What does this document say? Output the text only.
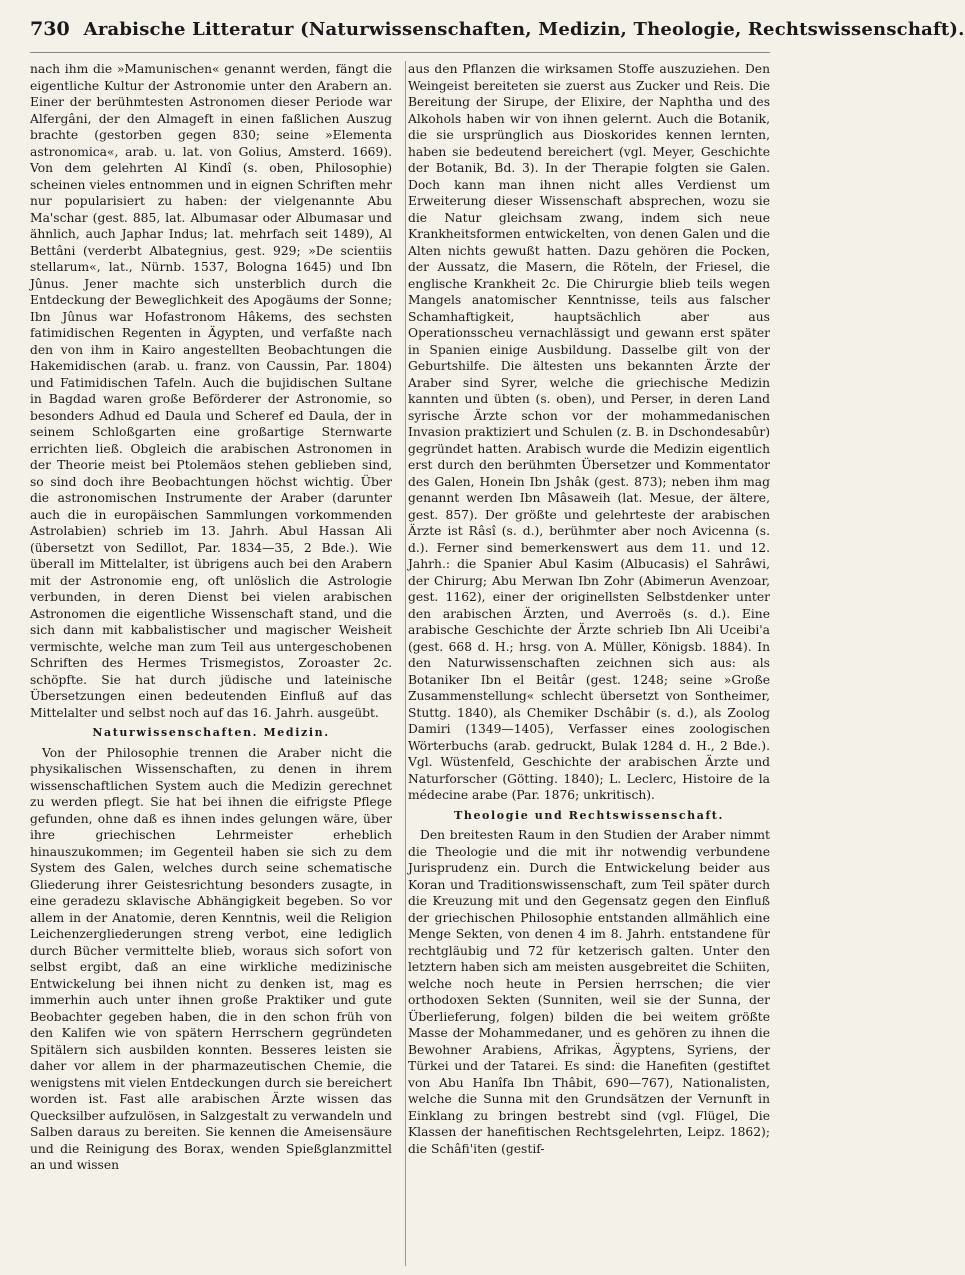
730 Arabische Litteratur (Naturwissenschaften, Medizin, Theologie, Rechtswissenschaft).

nach ihm die »Mamunischen« genannt werden, fängt die eigentliche Kultur der Astronomie unter den Arabern an. Einer der berühmtesten Astronomen dieser Periode war Alfergâni, der den Almageft in einen faßlichen Auszug brachte (gestorben gegen 830; seine »Elementa astronomica«, arab. u. lat. von Golius, Amsterd. 1669). Von dem gelehrten Al Kindî (s. oben, Philosophie) scheinen vieles entnommen und in eignen Schriften mehr nur popularisiert zu haben: der vielgenannte Abu Ma'schar (gest. 885, lat. Albumasar oder Albumasar und ähnlich, auch Japhar Indus; lat. mehrfach seit 1489), Al Bettâni (verderbt Albategnius, gest. 929; »De scientiis stellarum«, lat., Nürnb. 1537, Bologna 1645) und Ibn Jûnus. Jener machte sich unsterblich durch die Entdeckung der Beweglichkeit des Apogäums der Sonne; Ibn Jûnus war Hofastronom Hâkems, des sechsten fatimidischen Regenten in Ägypten, und verfaßte nach den von ihm in Kairo angestellten Beobachtungen die Hakemidischen (arab. u. franz. von Caussin, Par. 1804) und Fatimidischen Tafeln. Auch die bujidischen Sultane in Bagdad waren große Beförderer der Astronomie, so besonders Adhud ed Daula und Scheref ed Daula, der in seinem Schloßgarten eine großartige Sternwarte errichten ließ. Obgleich die arabischen Astronomen in der Theorie meist bei Ptolemäos stehen geblieben sind, so sind doch ihre Beobachtungen höchst wichtig. Über die astronomischen Instrumente der Araber (darunter auch die in europäischen Sammlungen vorkommenden Astrolabien) schrieb im 13. Jahrh. Abul Hassan Ali (übersetzt von Sedillot, Par. 1834—35, 2 Bde.). Wie überall im Mittelalter, ist übrigens auch bei den Arabern mit der Astronomie eng, oft unlöslich die Astrologie verbunden, in deren Dienst bei vielen arabischen Astronomen die eigentliche Wissenschaft stand, und die sich dann mit kabbalistischer und magischer Weisheit vermischte, welche man zum Teil aus untergeschobenen Schriften des Hermes Trismegistos, Zoroaster 2c. schöpfte. Sie hat durch jüdische und lateinische Übersetzungen einen bedeutenden Einfluß auf das Mittelalter und selbst noch auf das 16. Jahrh. ausgeübt.

Naturwissenschaften. Medizin.

Von der Philosophie trennen die Araber nicht die physikalischen Wissenschaften, zu denen in ihrem wissenschaftlichen System auch die Medizin gerechnet zu werden pflegt. Sie hat bei ihnen die eifrigste Pflege gefunden, ohne daß es ihnen indes gelungen wäre, über ihre griechischen Lehrmeister erheblich hinauszukommen; im Gegenteil haben sie sich zu dem System des Galen, welches durch seine schematische Gliederung ihrer Geistesrichtung besonders zusagte, in eine geradezu sklavische Abhängigkeit begeben. So vor allem in der Anatomie, deren Kenntnis, weil die Religion Leichenzergliederungen streng verbot, eine lediglich durch Bücher vermittelte blieb, woraus sich sofort von selbst ergibt, daß an eine wirkliche medizinische Entwickelung bei ihnen nicht zu denken ist, mag es immerhin auch unter ihnen große Praktiker und gute Beobachter gegeben haben, die in den schon früh von den Kalifen wie von spätern Herrschern gegründeten Spitälern sich ausbilden konnten. Besseres leisten sie daher vor allem in der pharmazeutischen Chemie, die wenigstens mit vielen Entdeckungen durch sie bereichert worden ist. Fast alle arabischen Ärzte wissen das Quecksilber aufzulösen, in Salzgestalt zu verwandeln und Salben daraus zu bereiten. Sie kennen die Ameisensäure und die Reinigung des Borax, wenden Spießglanzmittel an und wissen

aus den Pflanzen die wirksamen Stoffe auszuziehen. Den Weingeist bereiteten sie zuerst aus Zucker und Reis. Die Bereitung der Sirupe, der Elixire, der Naphtha und des Alkohols haben wir von ihnen gelernt. Auch die Botanik, die sie ursprünglich aus Dioskorides kennen lernten, haben sie bedeutend bereichert (vgl. Meyer, Geschichte der Botanik, Bd. 3). In der Therapie folgten sie Galen. Doch kann man ihnen nicht alles Verdienst um Erweiterung dieser Wissenschaft absprechen, wozu sie die Natur gleichsam zwang, indem sich neue Krankheitsformen entwickelten, von denen Galen und die Alten nichts gewußt hatten. Dazu gehören die Pocken, der Aussatz, die Masern, die Röteln, der Friesel, die englische Krankheit 2c. Die Chirurgie blieb teils wegen Mangels anatomischer Kenntnisse, teils aus falscher Schamhaftigkeit, hauptsächlich aber aus Operationsscheu vernachlässigt und gewann erst später in Spanien einige Ausbildung. Dasselbe gilt von der Geburtshilfe. Die ältesten uns bekannten Ärzte der Araber sind Syrer, welche die griechische Medizin kannten und übten (s. oben), und Perser, in deren Land syrische Ärzte schon vor der mohammedanischen Invasion praktiziert und Schulen (z. B. in Dschondesabûr) gegründet hatten. Arabisch wurde die Medizin eigentlich erst durch den berühmten Übersetzer und Kommentator des Galen, Honein Ibn Jshâk (gest. 873); neben ihm mag genannt werden Ibn Mâsaweih (lat. Mesue, der ältere, gest. 857). Der größte und gelehrteste der arabischen Ärzte ist Râsî (s. d.), berühmter aber noch Avicenna (s. d.). Ferner sind bemerkenswert aus dem 11. und 12. Jahrh.: die Spanier Abul Kasim (Albucasis) el Sahrâwi, der Chirurg; Abu Merwan Ibn Zohr (Abimerun Avenzoar, gest. 1162), einer der originellsten Selbstdenker unter den arabischen Ärzten, und Averroës (s. d.). Eine arabische Geschichte der Ärzte schrieb Ibn Ali Uceibi'a (gest. 668 d. H.; hrsg. von A. Müller, Königsb. 1884). In den Naturwissenschaften zeichnen sich aus: als Botaniker Ibn el Beitâr (gest. 1248; seine »Große Zusammenstellung« schlecht übersetzt von Sontheimer, Stuttg. 1840), als Chemiker Dschâbir (s. d.), als Zoolog Damiri (1349—1405), Verfasser eines zoologischen Wörterbuchs (arab. gedruckt, Bulak 1284 d. H., 2 Bde.). Vgl. Wüstenfeld, Geschichte der arabischen Ärzte und Naturforscher (Götting. 1840); L. Leclerc, Histoire de la médecine arabe (Par. 1876; unkritisch).

Theologie und Rechtswissenschaft.

Den breitesten Raum in den Studien der Araber nimmt die Theologie und die mit ihr notwendig verbundene Jurisprudenz ein. Durch die Entwickelung beider aus Koran und Traditionswissenschaft, zum Teil später durch die Kreuzung mit und den Gegensatz gegen den Einfluß der griechischen Philosophie entstanden allmählich eine Menge Sekten, von denen 4 im 8. Jahrh. entstandene für rechtgläubig und 72 für ketzerisch galten. Unter den letztern haben sich am meisten ausgebreitet die Schiiten, welche noch heute in Persien herrschen; die vier orthodoxen Sekten (Sunniten, weil sie der Sunna, der Überlieferung, folgen) bilden die bei weitem größte Masse der Mohammedaner, und es gehören zu ihnen die Bewohner Arabiens, Afrikas, Ägyptens, Syriens, der Türkei und der Tatarei. Es sind: die Hanefiten (gestiftet von Abu Hanîfa Ibn Thâbit, 690—767), Nationalisten, welche die Sunna mit den Grundsätzen der Vernunft in Einklang zu bringen bestrebt sind (vgl. Flügel, Die Klassen der hanefitischen Rechtsgelehrten, Leipz. 1862); die Schâfi'iten (gestif-
